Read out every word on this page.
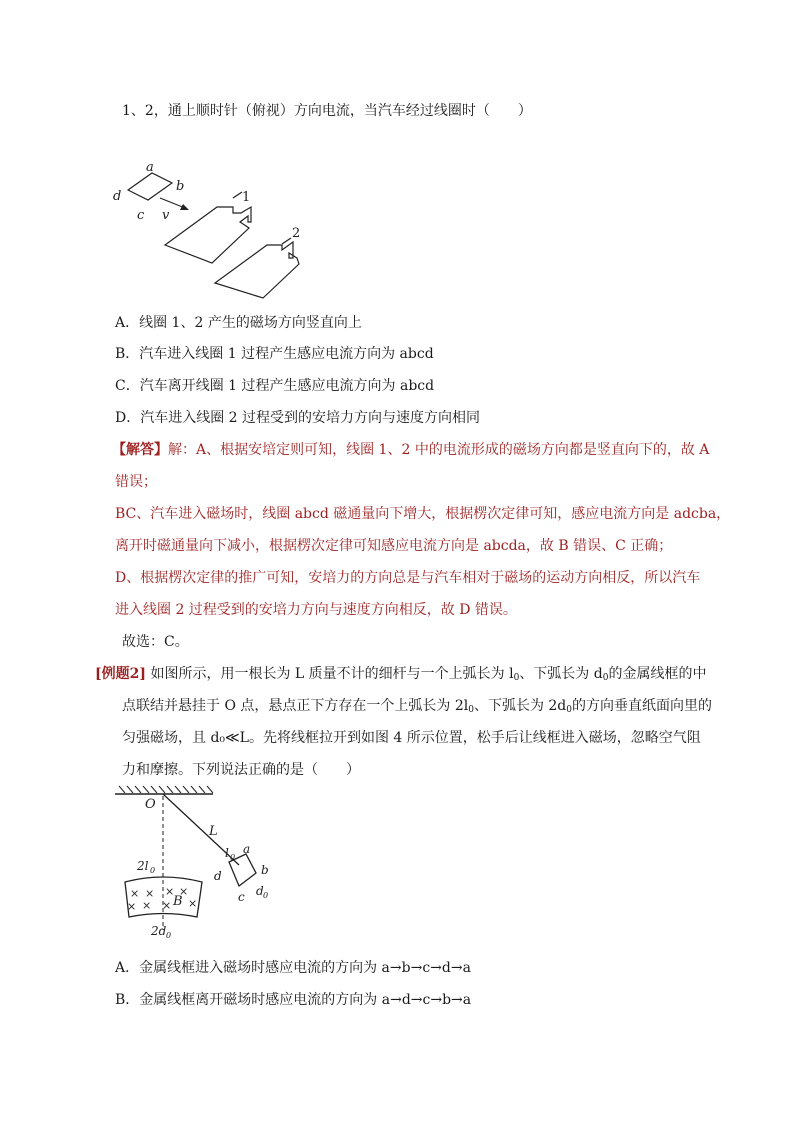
1、2，通上顺时针（俯视）方向电流，当汽车经过线圈时（　　）
a
b
c
d
v
1
2
A．线圈 1、2 产生的磁场方向竖直向上
B．汽车进入线圈 1 过程产生感应电流方向为 abcd
C．汽车离开线圈 1 过程产生感应电流方向为 abcd
D．汽车进入线圈 2 过程受到的安培力方向与速度方向相同
【解答】解：A、根据安培定则可知，线圈 1、2 中的电流形成的磁场方向都是竖直向下的，故 A
错误；
BC、汽车进入磁场时，线圈 abcd 磁通量向下增大，根据楞次定律可知，感应电流方向是 adcba，
离开时磁通量向下减小，根据楞次定律可知感应电流方向是 abcda，故 B 错误、C 正确；
D、根据楞次定律的推广可知，安培力的方向总是与汽车相对于磁场的运动方向相反，所以汽车
进入线圈 2 过程受到的安培力方向与速度方向相反，故 D 错误。
故选：C。
[例题2] 如图所示，用一根长为 L 质量不计的细杆与一个上弧长为 $l_0$、下弧长为 $d_0$的金属线框的中
点联结并悬挂于 O 点，悬点正下方存在一个上弧长为 $2l_0$、下弧长为 $2d_0$的方向垂直纸面向里的
匀强磁场，且 d₀≪L。先将线框拉开到如图 4 所示位置，松手后让线框进入磁场，忽略空气阻
力和摩擦。下列说法正确的是（　　）
× × × ×
× × × ×
O
L
l 0
a
b
c
d
d 0
2l 0
B
2d 0
A．金属线框进入磁场时感应电流的方向为 a→b→c→d→a
B．金属线框离开磁场时感应电流的方向为 a→d→c→b→a
